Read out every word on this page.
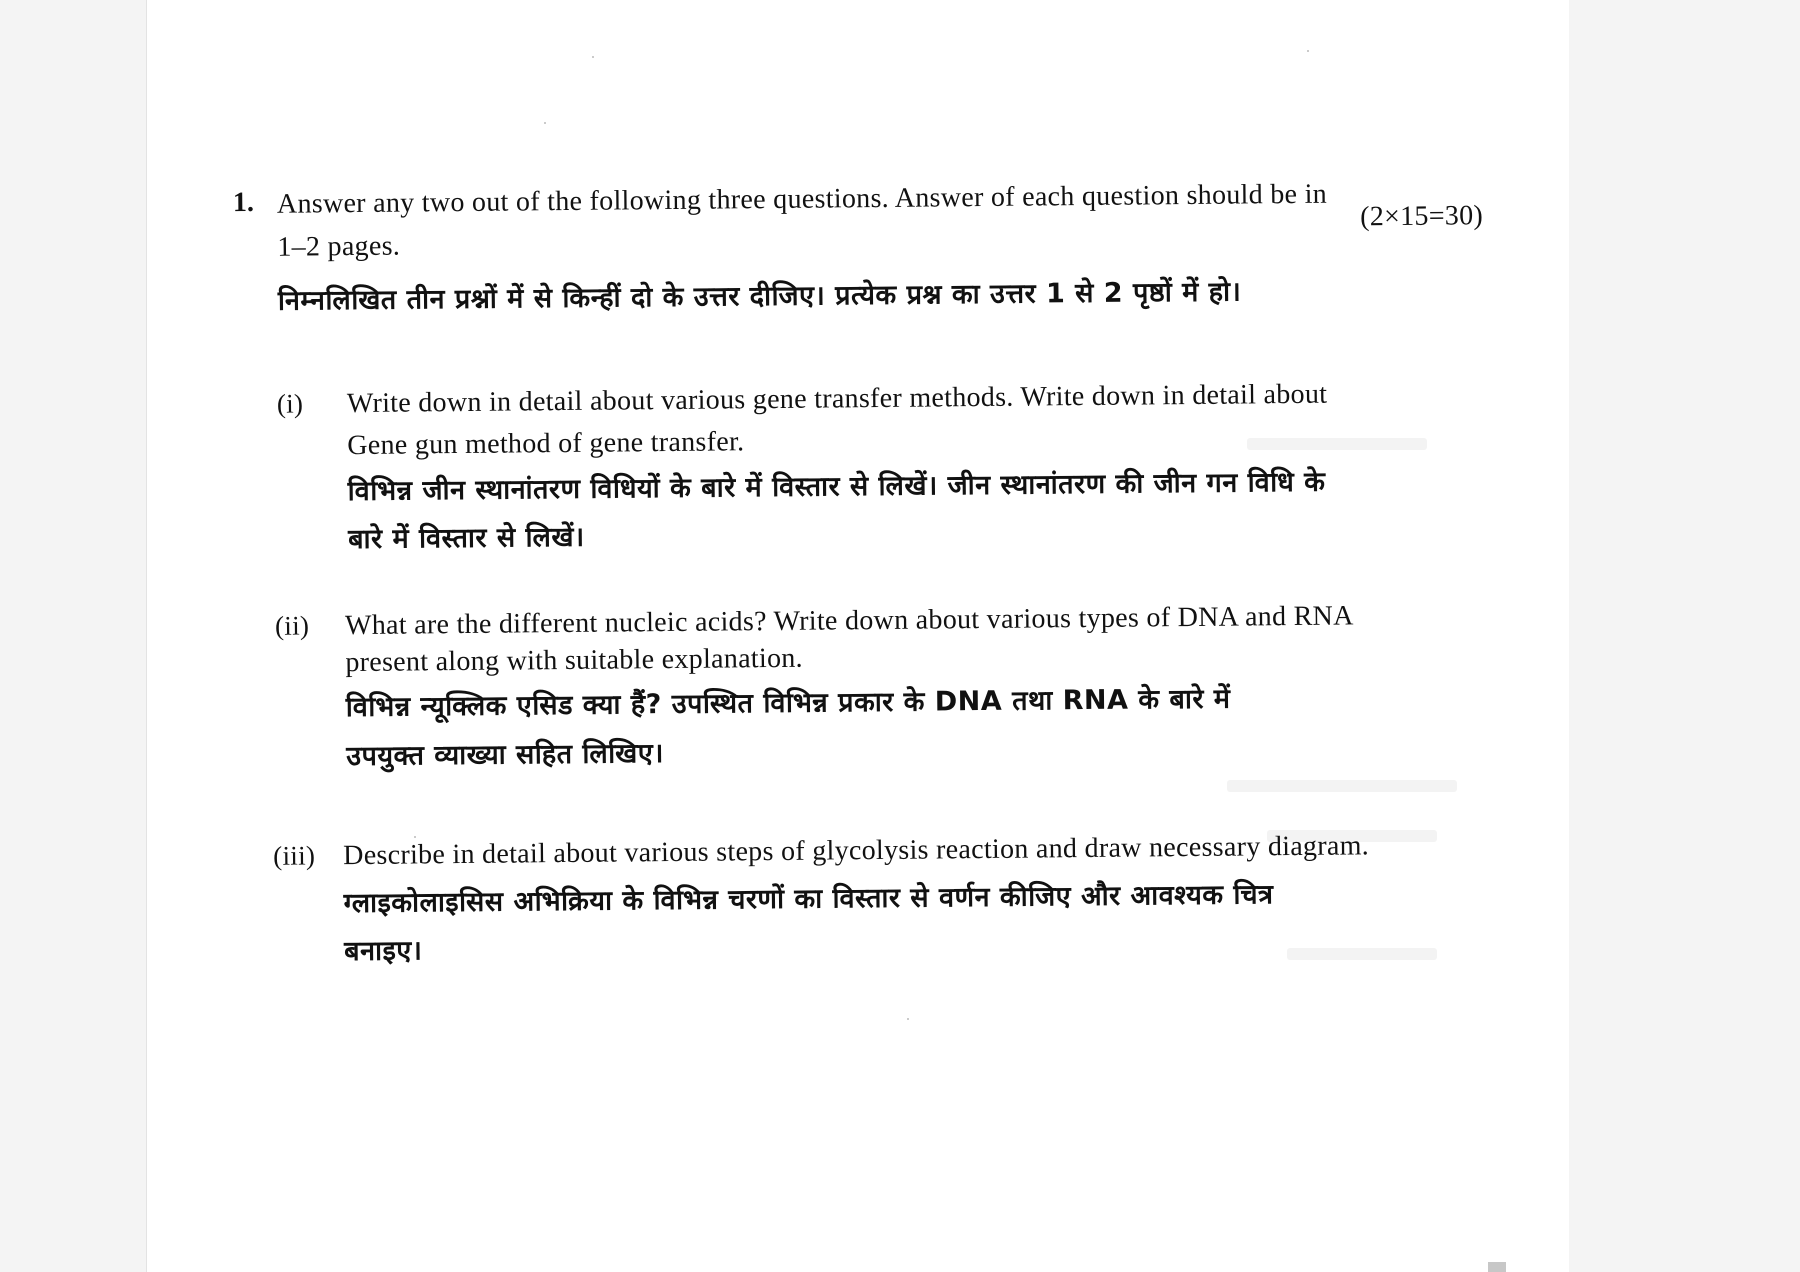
1. Answer any two out of the following three questions. Answer of each question should be in
1–2 pages.
(2×15=30)
निम्नलिखित तीन प्रश्नों में से किन्हीं दो के उत्तर दीजिए। प्रत्येक प्रश्न का उत्तर 1 से 2 पृष्ठों में हो।
(i) Write down in detail about various gene transfer methods. Write down in detail about
Gene gun method of gene transfer.
विभिन्न जीन स्थानांतरण विधियों के बारे में विस्तार से लिखें। जीन स्थानांतरण की जीन गन विधि के
बारे में विस्तार से लिखें।
(ii) What are the different nucleic acids? Write down about various types of DNA and RNA
present along with suitable explanation.
विभिन्न न्यूक्लिक एसिड क्या हैं? उपस्थित विभिन्न प्रकार के DNA तथा RNA के बारे में
उपयुक्त व्याख्या सहित लिखिए।
(iii) Describe in detail about various steps of glycolysis reaction and draw necessary diagram.
ग्लाइकोलाइसिस अभिक्रिया के विभिन्न चरणों का विस्तार से वर्णन कीजिए और आवश्यक चित्र
बनाइए।
